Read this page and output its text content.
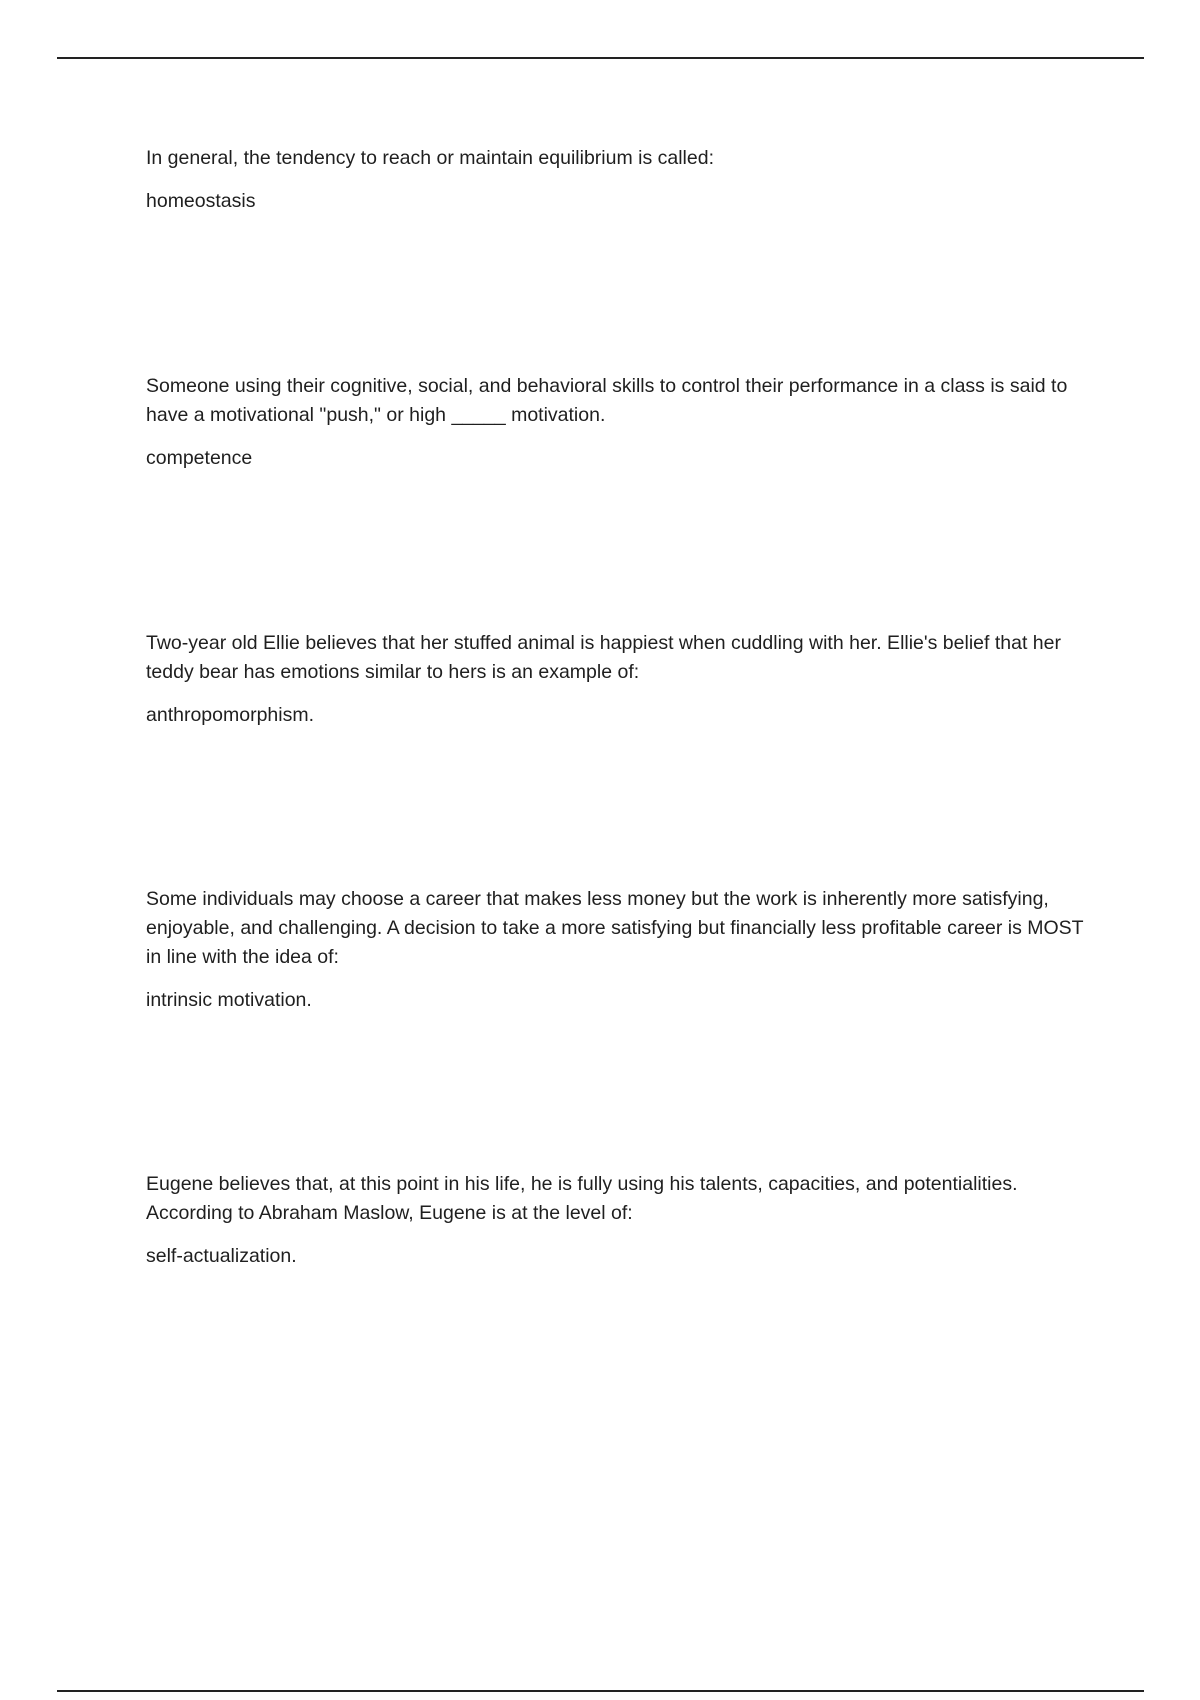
In general, the tendency to reach or maintain equilibrium is called:

homeostasis

Someone using their cognitive, social, and behavioral skills to control their performance in a class is said to have a motivational "push," or high _____ motivation.

competence

Two-year old Ellie believes that her stuffed animal is happiest when cuddling with her. Ellie's belief that her teddy bear has emotions similar to hers is an example of:

anthropomorphism.

Some individuals may choose a career that makes less money but the work is inherently more satisfying, enjoyable, and challenging. A decision to take a more satisfying but financially less profitable career is MOST in line with the idea of:

intrinsic motivation.

Eugene believes that, at this point in his life, he is fully using his talents, capacities, and potentialities. According to Abraham Maslow, Eugene is at the level of:

self-actualization.
